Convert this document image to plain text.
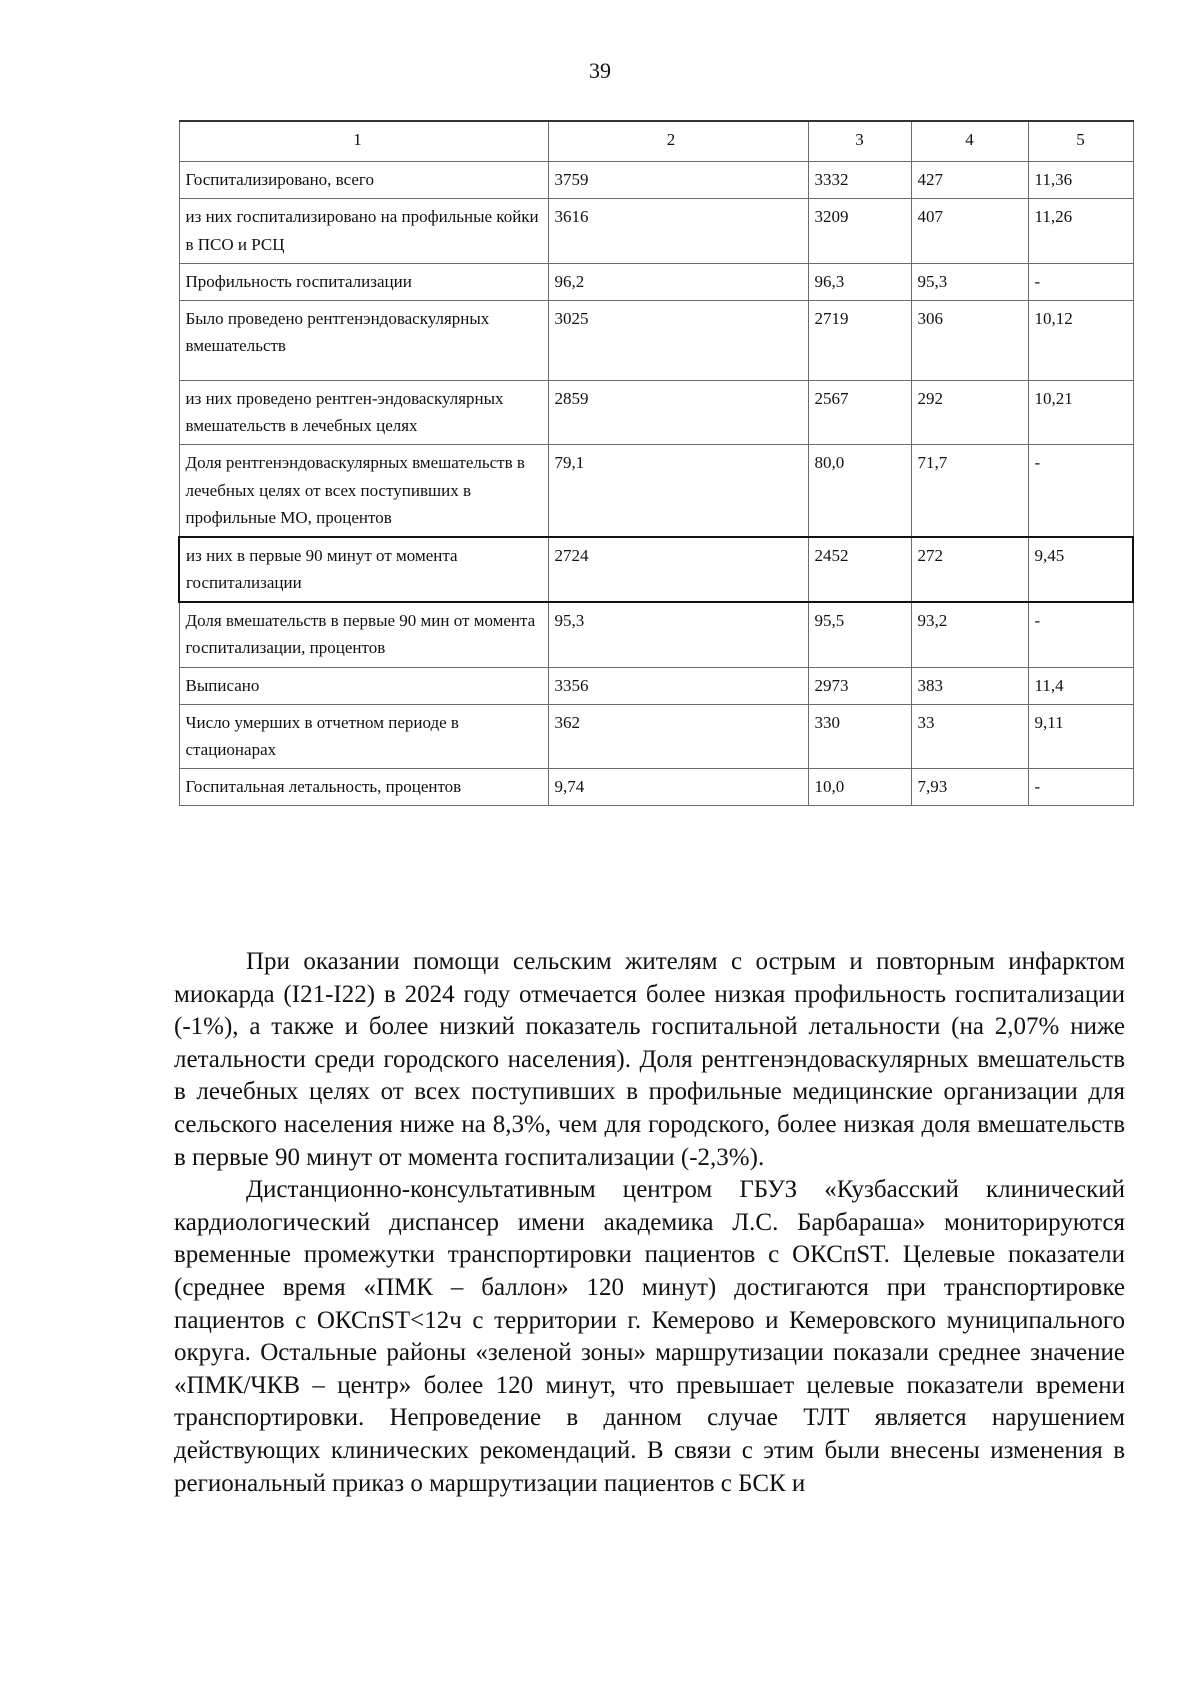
39
1	2	3	4	5
Госпитализировано, всего	3759	3332	427	11,36
из них госпитализировано на профильные койки в ПСО и РСЦ	3616	3209	407	11,26
Профильность госпитализации	96,2	96,3	95,3	-
Было проведено рентгенэндоваскулярных вмешательств	3025	2719	306	10,12
из них проведено рентген-эндоваскулярных вмешательств в лечебных целях	2859	2567	292	10,21
Доля рентгенэндоваскулярных вмешательств в лечебных целях от всех поступивших в профильные МО, процентов	79,1	80,0	71,7	-
из них в первые 90 минут от момента госпитализации	2724	2452	272	9,45
Доля вмешательств в первые 90 мин от момента госпитализации, процентов	95,3	95,5	93,2	-
Выписано	3356	2973	383	11,4
Число умерших в отчетном периоде в стационарах	362	330	33	9,11
Госпитальная летальность, процентов	9,74	10,0	7,93	-

При оказании помощи сельским жителям с острым и повторным инфарктом миокарда (I21-I22) в 2024 году отмечается более низкая профильность госпитализации (-1%), а также и более низкий показатель госпитальной летальности (на 2,07% ниже летальности среди городского населения). Доля рентгенэндоваскулярных вмешательств в лечебных целях от всех поступивших в профильные медицинские организации для сельского населения ниже на 8,3%, чем для городского, более низкая доля вмешательств в первые 90 минут от момента госпитализации (-2,3%).

Дистанционно-консультативным центром ГБУЗ «Кузбасский клинический кардиологический диспансер имени академика Л.С. Барбараша» мониторируются временные промежутки транспортировки пациентов с ОКСпST. Целевые показатели (среднее время «ПМК – баллон» 120 минут) достигаются при транспортировке пациентов с ОКСпST<12ч с территории г. Кемерово и Кемеровского муниципального округа. Остальные районы «зеленой зоны» маршрутизации показали среднее значение «ПМК/ЧКВ – центр» более 120 минут, что превышает целевые показатели времени транспортировки. Непроведение в данном случае ТЛТ является нарушением действующих клинических рекомендаций. В связи с этим были внесены изменения в региональный приказ о маршрутизации пациентов с БСК и
